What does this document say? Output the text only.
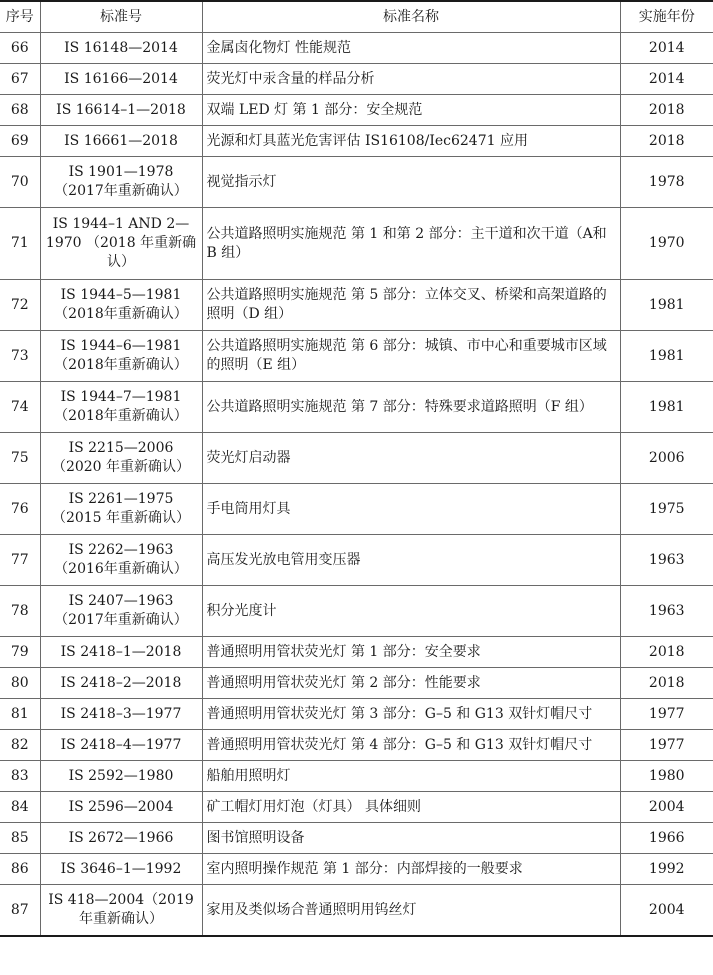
序号	标准号	标准名称	实施年份
66	IS 16148—2014	金属卤化物灯 性能规范	2014
67	IS 16166—2014	荧光灯中汞含量的样品分析	2014
68	IS 16614–1—2018	双端 LED 灯 第 1 部分：安全规范	2018
69	IS 16661—2018	光源和灯具蓝光危害评估 IS16108/Iec62471 应用	2018
70	IS 1901—1978（2017年重新确认）	视觉指示灯	1978
71	IS 1944–1 AND 2—1970 （2018 年重新确认）	公共道路照明实施规范 第 1 和第 2 部分：主干道和次干道（A和 B 组）	1970
72	IS 1944–5—1981（2018年重新确认）	公共道路照明实施规范 第 5 部分：立体交叉、桥梁和高架道路的照明（D 组）	1981
73	IS 1944–6—1981（2018年重新确认）	公共道路照明实施规范 第 6 部分：城镇、市中心和重要城市区域的照明（E 组）	1981
74	IS 1944–7—1981（2018年重新确认）	公共道路照明实施规范 第 7 部分：特殊要求道路照明（F 组）	1981
75	IS 2215—2006（2020 年重新确认）	荧光灯启动器	2006
76	IS 2261—1975（2015 年重新确认）	手电筒用灯具	1975
77	IS 2262—1963（2016年重新确认）	高压发光放电管用变压器	1963
78	IS 2407—1963（2017年重新确认）	积分光度计	1963
79	IS 2418–1—2018	普通照明用管状荧光灯 第 1 部分：安全要求	2018
80	IS 2418–2—2018	普通照明用管状荧光灯 第 2 部分：性能要求	2018
81	IS 2418–3—1977	普通照明用管状荧光灯 第 3 部分：G–5 和 G13 双针灯帽尺寸	1977
82	IS 2418–4—1977	普通照明用管状荧光灯 第 4 部分：G–5 和 G13 双针灯帽尺寸	1977
83	IS 2592—1980	船舶用照明灯	1980
84	IS 2596—2004	矿工帽灯用灯泡（灯具） 具体细则	2004
85	IS 2672—1966	图书馆照明设备	1966
86	IS 3646–1—1992	室内照明操作规范 第 1 部分：内部焊接的一般要求	1992
87	IS 418—2004（2019 年重新确认）	家用及类似场合普通照明用钨丝灯	2004
